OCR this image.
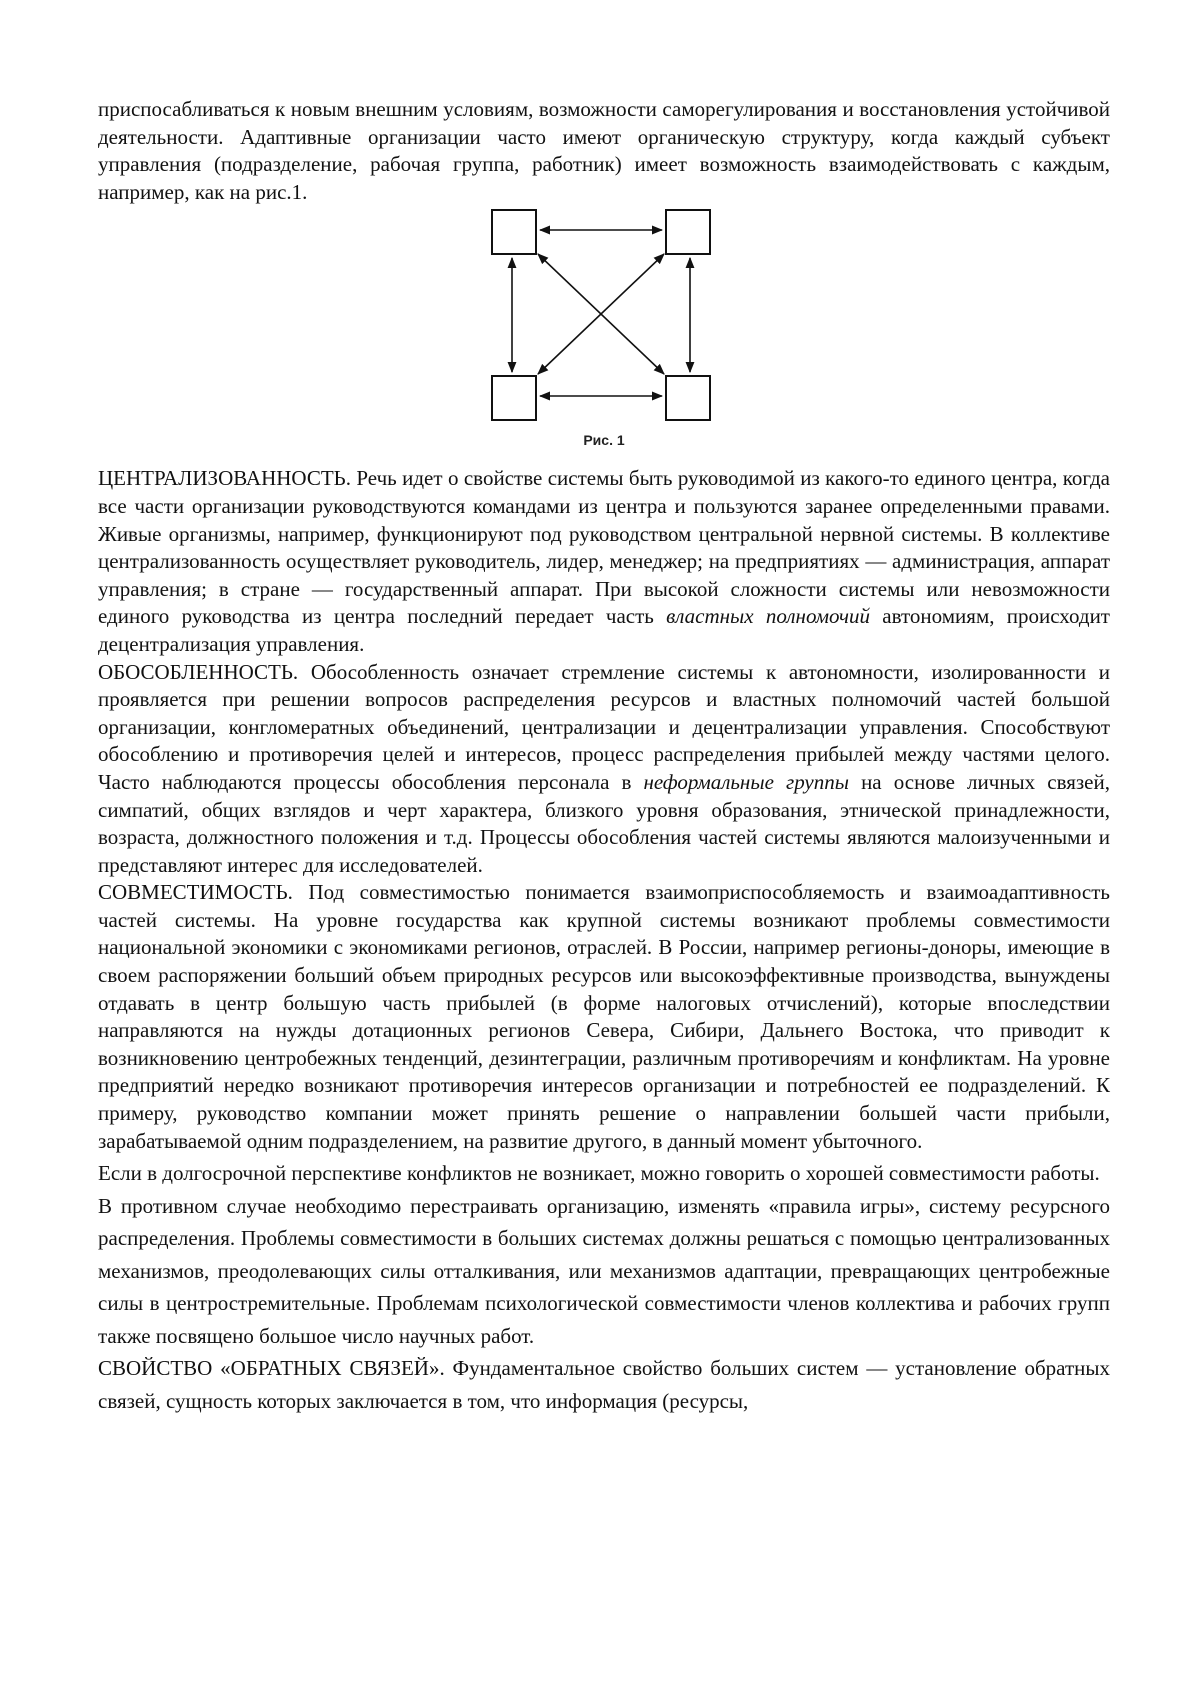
приспосабливаться к новым внешним условиям, возможности саморегулирования и восстановления устойчивой деятельности. Адаптивные организации часто имеют органическую структуру, когда каждый субъект управления (подразделение, рабочая группа, работник) имеет возможность взаимодействовать с каждым, например, как на рис.1.

Рис. 1

ЦЕНТРАЛИЗОВАННОСТЬ. Речь идет о свойстве системы быть руководимой из какого-то единого центра, когда все части организации руководствуются командами из центра и пользуются заранее определенными правами. Живые организмы, например, функционируют под руководством центральной нервной системы. В коллективе централизованность осуществляет руководитель, лидер, менеджер; на предприятиях — администрация, аппарат управления; в стране — государственный аппарат. При высокой сложности системы или невозможности единого руководства из центра последний передает часть властных полномочий автономиям, происходит децентрализация управления.

ОБОСОБЛЕННОСТЬ. Обособленность означает стремление системы к автономности, изолированности и проявляется при решении вопросов распределения ресурсов и властных полномочий частей большой организации, конгломератных объединений, централизации и децентрализации управления. Способствуют обособлению и противоречия целей и интересов, процесс распределения прибылей между частями целого. Часто наблюдаются процессы обособления персонала в неформальные группы на основе личных связей, симпатий, общих взглядов и черт характера, близкого уровня образования, этнической принадлежности, возраста, должностного положения и т.д. Процессы обособления частей системы являются малоизученными и представляют интерес для исследователей.

СОВМЕСТИМОСТЬ. Под совместимостью понимается взаимоприспособляемость и взаимоадаптивность частей системы. На уровне государства как крупной системы возникают проблемы совместимости национальной экономики с экономиками регионов, отраслей. В России, например регионы-доноры, имеющие в своем распоряжении больший объем природных ресурсов или высокоэффективные производства, вынуждены отдавать в центр большую часть прибылей (в форме налоговых отчислений), которые впоследствии направляются на нужды дотационных регионов Севера, Сибири, Дальнего Востока, что приводит к возникновению центробежных тенденций, дезинтеграции, различным противоречиям и конфликтам. На уровне предприятий нередко возникают противоречия интересов организации и потребностей ее подразделений. К примеру, руководство компании может принять решение о направлении большей части прибыли, зарабатываемой одним подразделением, на развитие другого, в данный момент убыточного.

Если в долгосрочной перспективе конфликтов не возникает, можно говорить о хорошей совместимости работы.

В противном случае необходимо перестраивать организацию, изменять «правила игры», систему ресурсного распределения. Проблемы совместимости в больших системах должны решаться с помощью централизованных механизмов, преодолевающих силы отталкивания, или механизмов адаптации, превращающих центробежные силы в центростремительные. Проблемам психологической совместимости членов коллектива и рабочих групп также посвящено большое число научных работ.

СВОЙСТВО «ОБРАТНЫХ СВЯЗЕЙ». Фундаментальное свойство больших систем — установление обратных связей, сущность которых заключается в том, что информация (ресурсы,
